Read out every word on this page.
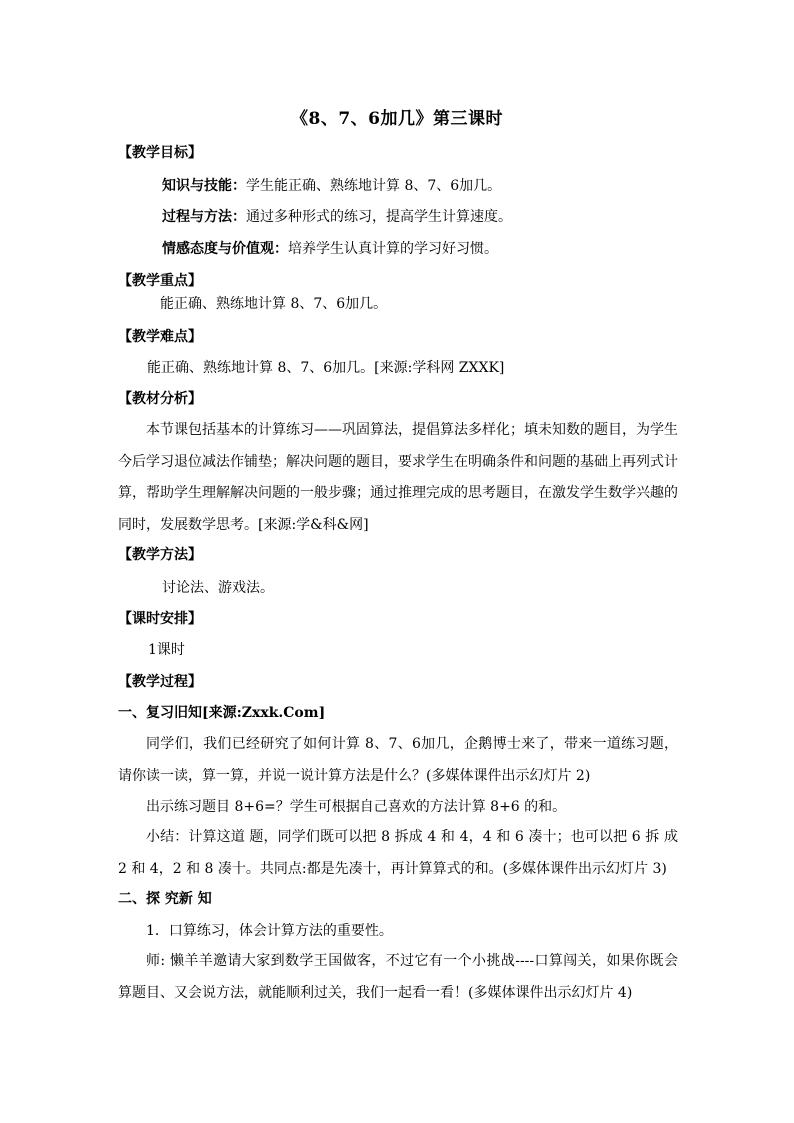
《8、7、6加几》第三课时
【教学目标】
知识与技能：学生能正确、熟练地计算 8、7、6加几。
过程与方法：通过多种形式的练习，提高学生计算速度。
情感态度与价值观：培养学生认真计算的学习好习惯。
【教学重点】
能正确、熟练地计算 8、7、6加几。
【教学难点】
能正确、熟练地计算 8、7、6加几。[来源:学科网 ZXXK]
【教材分析】
本节课包括基本的计算练习——巩固算法，提倡算法多样化；填未知数的题目，为学生今后学习退位减法作铺垫；解决问题的题目，要求学生在明确条件和问题的基础上再列式计算，帮助学生理解解决问题的一般步骤；通过推理完成的思考题目，在激发学生数学兴趣的同时，发展数学思考。[来源:学&科&网]
【教学方法】
讨论法、游戏法。
【课时安排】
1课时
【教学过程】
一、复习旧知[来源:Zxxk.Com]
同学们，我们已经研究了如何计算 8、7、6加几，企鹅博士来了，带来一道练习题，请你读一读，算一算，并说一说计算方法是什么？(多媒体课件出示幻灯片 2)
出示练习题目 8+6=？学生可根据自己喜欢的方法计算 8+6 的和。
小结：计算这道 题，同学们既可以把 8 拆成 4 和 4，4 和 6 凑十；也可以把 6 拆 成 2 和 4，2 和 8 凑十。共同点:都是先凑十，再计算算式的和。(多媒体课件出示幻灯片 3)
二、探 究新 知
1．口算练习，体会计算方法的重要性。
师: 懒羊羊邀请大家到数学王国做客，不过它有一个小挑战----口算闯关，如果你既会算题目、又会说方法，就能顺利过关，我们一起看一看！(多媒体课件出示幻灯片 4)
